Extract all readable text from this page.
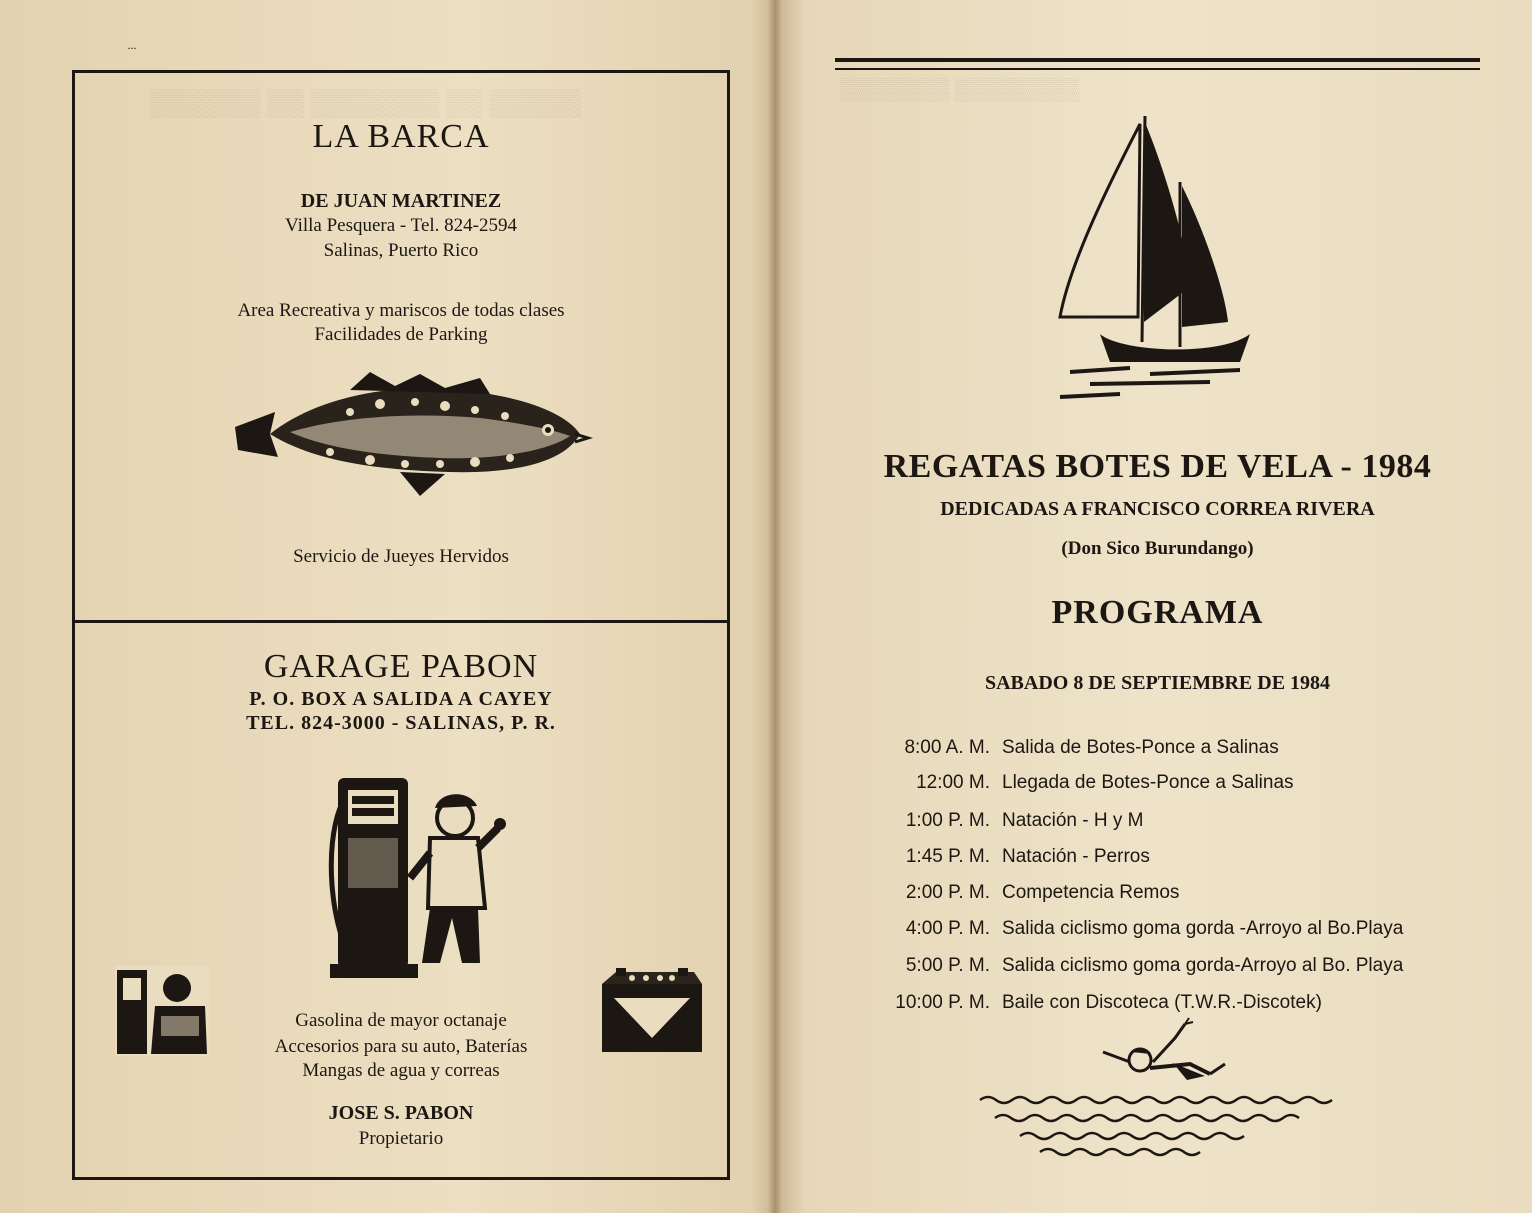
▒▒▒▒▒ ▒▒ ▒▒▒▒▒▒▒ ▒▒ ▒▒▒▒▒▒	▒▒▒▒▒▒▒▒ ▒▒▒▒▒▒▒
...
LA BARCA
DE JUAN MARTINEZ
Villa Pesquera - Tel. 824-2594
Salinas, Puerto Rico
Area Recreativa y mariscos de todas clases
Facilidades de Parking
Servicio de Jueyes Hervidos
GARAGE PABON
P. O. BOX A SALIDA A CAYEY
TEL. 824-3000 - SALINAS, P. R.
Gasolina de mayor octanaje
Accesorios para su auto, Baterías
Mangas de agua y correas
JOSE S. PABON
Propietario
REGATAS BOTES DE VELA - 1984
DEDICADAS A FRANCISCO CORREA RIVERA
(Don Sico Burundango)
PROGRAMA
SABADO 8 DE SEPTIEMBRE DE 1984
8:00 A. M. Salida de Botes-Ponce a Salinas
12:00 M. Llegada de Botes-Ponce a Salinas
1:00 P. M. Natación - H y M
1:45 P. M. Natación - Perros
2:00 P. M. Competencia Remos
4:00 P. M. Salida ciclismo goma gorda -Arroyo al Bo.Playa
5:00 P. M. Salida ciclismo goma gorda-Arroyo al Bo. Playa
10:00 P. M. Baile con Discoteca (T.W.R.-Discotek)
